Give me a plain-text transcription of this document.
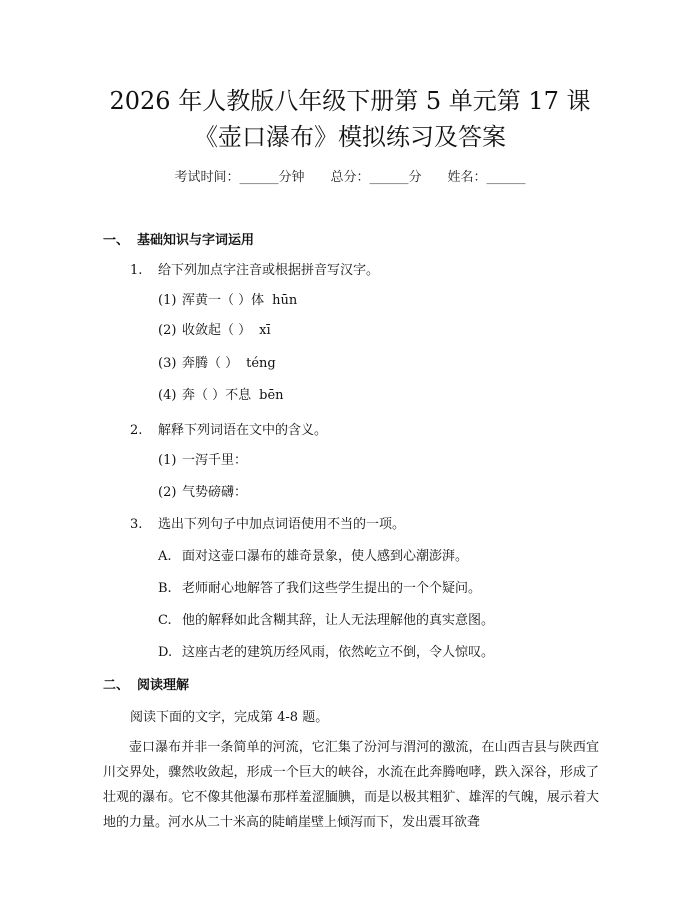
2026 年人教版八年级下册第 5 单元第 17 课
《壶口瀑布》模拟练习及答案
考试时间：______分钟 总分：______分 姓名：______
一、 基础知识与字词运用
1. 给下列加点字注音或根据拼音写汉字。
(1) 浑黄一（ ）体 hūn
(2) 收敛起（ ） xī
(3) 奔腾（ ） téng
(4) 奔（ ）不息 bēn
2. 解释下列词语在文中的含义。
(1) 一泻千里：
(2) 气势磅礴：
3. 选出下列句子中加点词语使用不当的一项。
A. 面对这壶口瀑布的雄奇景象，使人感到心潮澎湃。
B. 老师耐心地解答了我们这些学生提出的一个个疑问。
C. 他的解释如此含糊其辞，让人无法理解他的真实意图。
D. 这座古老的建筑历经风雨，依然屹立不倒，令人惊叹。
二、 阅读理解
阅读下面的文字，完成第 4-8 题。
壶口瀑布并非一条简单的河流，它汇集了汾河与渭河的激流，在山西吉县与陕西宜川交界处，骤然收敛起，形成一个巨大的峡谷，水流在此奔腾咆哮，跌入深谷，形成了壮观的瀑布。它不像其他瀑布那样羞涩腼腆，而是以极其粗犷、雄浑的气魄，展示着大地的力量。河水从二十米高的陡峭崖壁上倾泻而下，发出震耳欲聋
